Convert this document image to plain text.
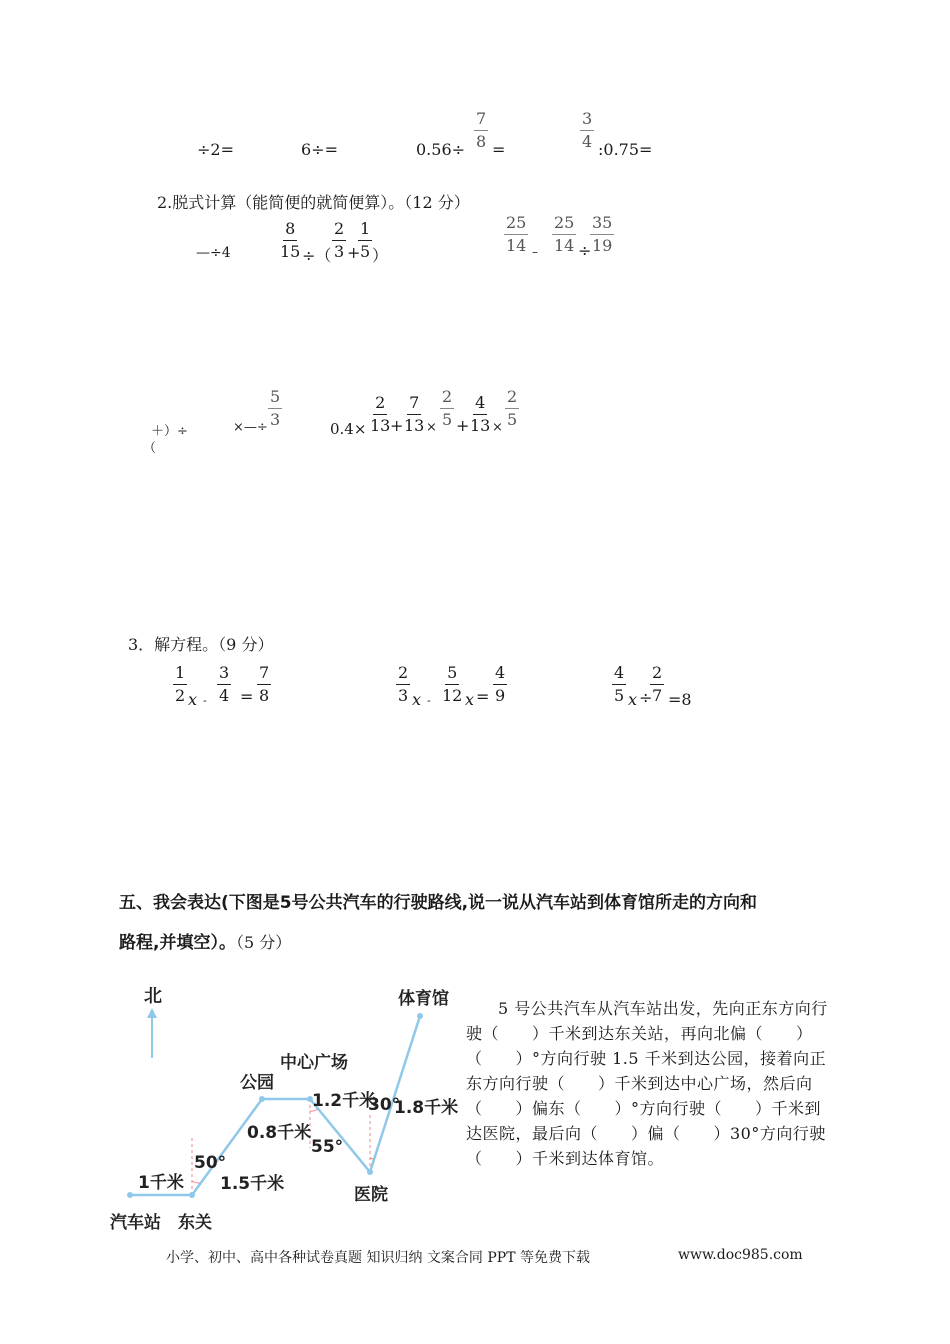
÷2=	6÷=	$0.56\div \frac{7}{8}$ =	$\frac{3}{4}$ :0.75=
2.脱式计算（能简便的就简便算）。（12 分）
—÷4	$\frac{8}{15}$ ÷（ $\frac{2}{3}$ +
$\frac{1}{5}$ ）
$\frac{25}{14} - \frac{25}{14}$ ÷
$\frac{35}{19}$
＋）÷
（
×—÷ $\frac{5}{3}$	$0.4\times \frac{2}{13}$
+
$\frac{7}{13} \times \frac{2}{5}$ +
$\frac{4}{13} \times \frac{2}{5}$
3．解方程。（9 分）
$\frac{1}{2}$ $x - \frac{3}{4} = \frac{7}{8}$	$\frac{2}{3}$ x - $\frac{5}{12}$ $x = \frac{4}{9}$	$\frac{4}{5}$ x ÷
$\frac{2}{7} =8$
五、我会表达(下图是5号公共汽车的行驶路线,说一说从汽车站到体育馆所走的方向和
路程,并填空）。（5 分）
北
汽车站 东关
公园
中心广场
医院
体育馆
1千米 1.5千米
0.8千米
1.2千米 1.8千米
50°
55°
30°
5 号公共汽车从汽车站出发，先向正东方向行驶（　　）千米到达东关站，再向北偏（　　）（　　）°方向行驶 1.5 千米到达公园，接着向正东方向行驶（　　）千米到达中心广场，然后向（　　）偏东（　　）°方向行驶（　　）千米到达医院，最后向（　　）偏（　　）30°方向行驶（　　）千米到达体育馆。
小学、初中、高中各种试卷真题 知识归纳 文案合同 PPT 等免费下载	www.doc985.com
